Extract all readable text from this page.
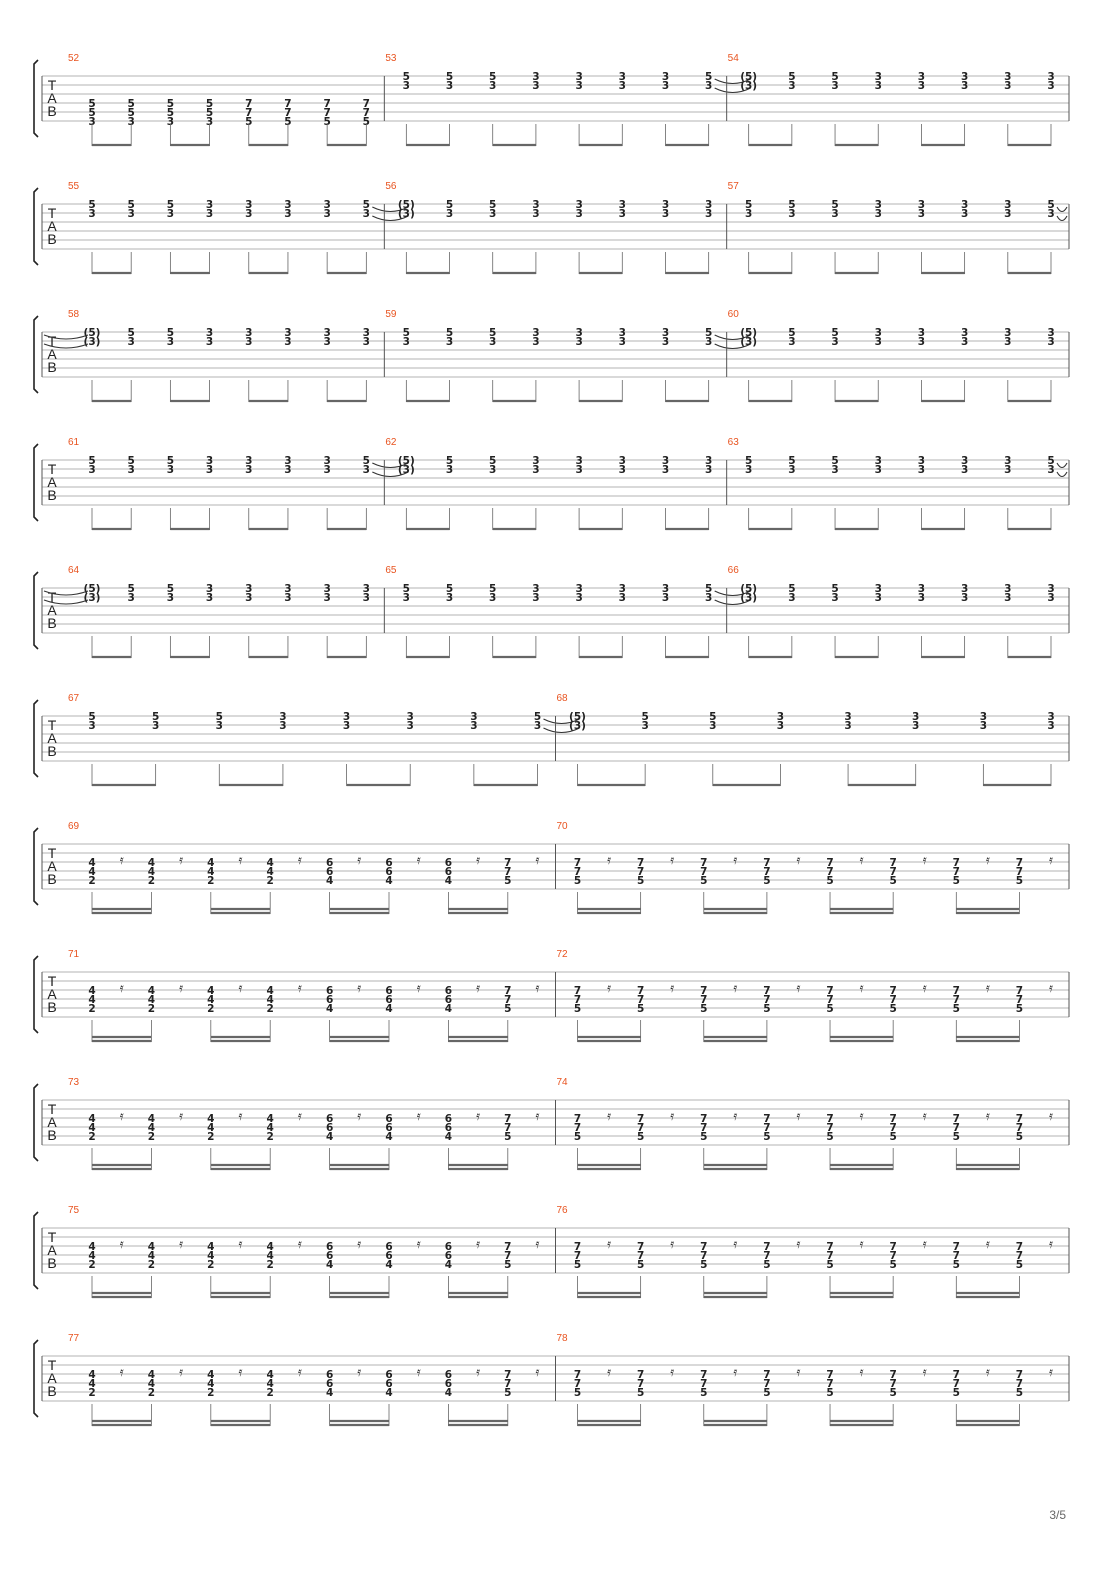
T
A
B
52
5
5
3
5
5
3
5
5
3
5
5
3
7
7
5
7
7
5
7
7
5
7
7
5
53
5
3
5
3
5
3
3
3
3
3
3
3
3
3
5
3
54
(5)
(3)
5
3
5
3
3
3
3
3
3
3
3
3
3
3
T
A
B
55
5
3
5
3
5
3
3
3
3
3
3
3
3
3
5
3
56
(5)
(3)
5
3
5
3
3
3
3
3
3
3
3
3
3
3
57
5
3
5
3
5
3
3
3
3
3
3
3
3
3
5
3
T
A
B
58
(5)
(3)
5
3
5
3
3
3
3
3
3
3
3
3
3
3
59
5
3
5
3
5
3
3
3
3
3
3
3
3
3
5
3
60
(5)
(3)
5
3
5
3
3
3
3
3
3
3
3
3
3
3
T
A
B
61
5
3
5
3
5
3
3
3
3
3
3
3
3
3
5
3
62
(5)
(3)
5
3
5
3
3
3
3
3
3
3
3
3
3
3
63
5
3
5
3
5
3
3
3
3
3
3
3
3
3
5
3
T
A
B
64
(5)
(3)
5
3
5
3
3
3
3
3
3
3
3
3
3
3
65
5
3
5
3
5
3
3
3
3
3
3
3
3
3
5
3
66
(5)
(3)
5
3
5
3
3
3
3
3
3
3
3
3
3
3
T
A
B
67
5
3
5
3
5
3
3
3
3
3
3
3
3
3
5
3
68
(5)
(3)
5
3
5
3
3
3
3
3
3
3
3
3
3
3
T
A
B
69
4
4
2
𝄿 4
4
2
𝄿 4
4
2
𝄿 4
4
2
𝄿 6
6
4
𝄿 6
6
4
𝄿 6
6
4
𝄿 7
7
5
𝄿
70
7
7
5
𝄿 7
7
5
𝄿 7
7
5
𝄿 7
7
5
𝄿 7
7
5
𝄿 7
7
5
𝄿 7
7
5
𝄿 7
7
5
𝄿
T
A
B
71
4
4
2
𝄿 4
4
2
𝄿 4
4
2
𝄿 4
4
2
𝄿 6
6
4
𝄿 6
6
4
𝄿 6
6
4
𝄿 7
7
5
𝄿
72
7
7
5
𝄿 7
7
5
𝄿 7
7
5
𝄿 7
7
5
𝄿 7
7
5
𝄿 7
7
5
𝄿 7
7
5
𝄿 7
7
5
𝄿
T
A
B
73
4
4
2
𝄿 4
4
2
𝄿 4
4
2
𝄿 4
4
2
𝄿 6
6
4
𝄿 6
6
4
𝄿 6
6
4
𝄿 7
7
5
𝄿
74
7
7
5
𝄿 7
7
5
𝄿 7
7
5
𝄿 7
7
5
𝄿 7
7
5
𝄿 7
7
5
𝄿 7
7
5
𝄿 7
7
5
𝄿
T
A
B
75
4
4
2
𝄿 4
4
2
𝄿 4
4
2
𝄿 4
4
2
𝄿 6
6
4
𝄿 6
6
4
𝄿 6
6
4
𝄿 7
7
5
𝄿
76
7
7
5
𝄿 7
7
5
𝄿 7
7
5
𝄿 7
7
5
𝄿 7
7
5
𝄿 7
7
5
𝄿 7
7
5
𝄿 7
7
5
𝄿
T
A
B
77
4
4
2
𝄿 4
4
2
𝄿 4
4
2
𝄿 4
4
2
𝄿 6
6
4
𝄿 6
6
4
𝄿 6
6
4
𝄿 7
7
5
𝄿
78
7
7
5
𝄿 7
7
5
𝄿 7
7
5
𝄿 7
7
5
𝄿 7
7
5
𝄿 7
7
5
𝄿 7
7
5
𝄿 7
7
5
𝄿
3/5
